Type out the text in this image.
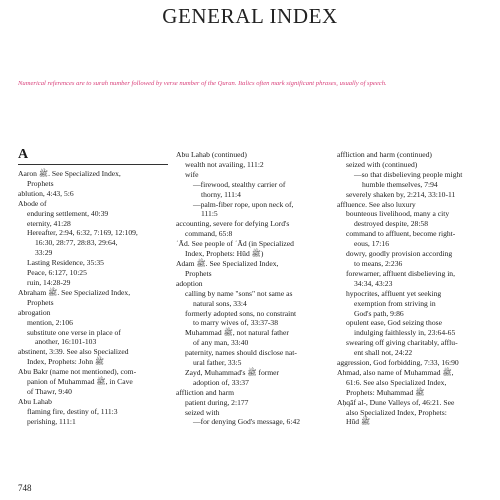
GENERAL INDEX
Numerical references are to surah number followed by verse number of the Quran. Italics often mark significant phrases, usually of speech.
A
Aaron ﷺ. See Specialized Index,
Prophets
ablution, 4:43, 5:6
Abode of
enduring settlement, 40:39
eternity, 41:28
Hereafter, 2:94, 6:32, 7:169, 12:109,
16:30, 28:77, 28:83, 29:64,
33:29
Lasting Residence, 35:35
Peace, 6:127, 10:25
ruin, 14:28-29
Abraham ﷺ. See Specialized Index,
Prophets
abrogation
mention, 2:106
substitute one verse in place of
another, 16:101-103
abstinent, 3:39. See also Specialized
Index, Prophets: John ﷺ
Abu Bakr (name not mentioned), com-
panion of Muhammad ﷺ, in Cave
of Thawr, 9:40
Abu Lahab
flaming fire, destiny of, 111:3
perishing, 111:1
Abu Lahab (continued)
wealth not availing, 111:2
wife
—firewood, stealthy carrier of
thorny, 111:4
—palm-fiber rope, upon neck of,
111:5
accounting, severe for defying Lord's
command, 65:8
ʿĀd. See people of ʿĀd (in Specialized
Index, Prophets: Hūd ﷺ)
Adam ﷺ. See Specialized Index,
Prophets
adoption
calling by name "sons" not same as
natural sons, 33:4
formerly adopted sons, no constraint
to marry wives of, 33:37-38
Muhammad ﷺ, not natural father
of any man, 33:40
paternity, names should disclose nat-
ural father, 33:5
Zayd, Muhammad's ﷺ former
adoption of, 33:37
affliction and harm
patient during, 2:177
seized with
—for denying God's message, 6:42
affliction and harm (continued)
seized with (continued)
—so that disbelieving people might
humble themselves, 7:94
severely shaken by, 2:214, 33:10-11
affluence. See also luxury
bounteous livelihood, many a city
destroyed despite, 28:58
command to affluent, become right-
eous, 17:16
dowry, goodly provision according
to means, 2:236
forewarner, affluent disbelieving in,
34:34, 43:23
hypocrites, affluent yet seeking
exemption from striving in
God's path, 9:86
opulent ease, God seizing those
indulging faithlessly in, 23:64-65
swearing off giving charitably, afflu-
ent shall not, 24:22
aggression, God forbidding, 7:33, 16:90
Ahmad, also name of Muhammad ﷺ,
61:6. See also Specialized Index,
Prophets: Muhammad ﷺ
Aḥqāf al-, Dune Valleys of, 46:21. See
also Specialized Index, Prophets:
Hūd ﷺ
748
